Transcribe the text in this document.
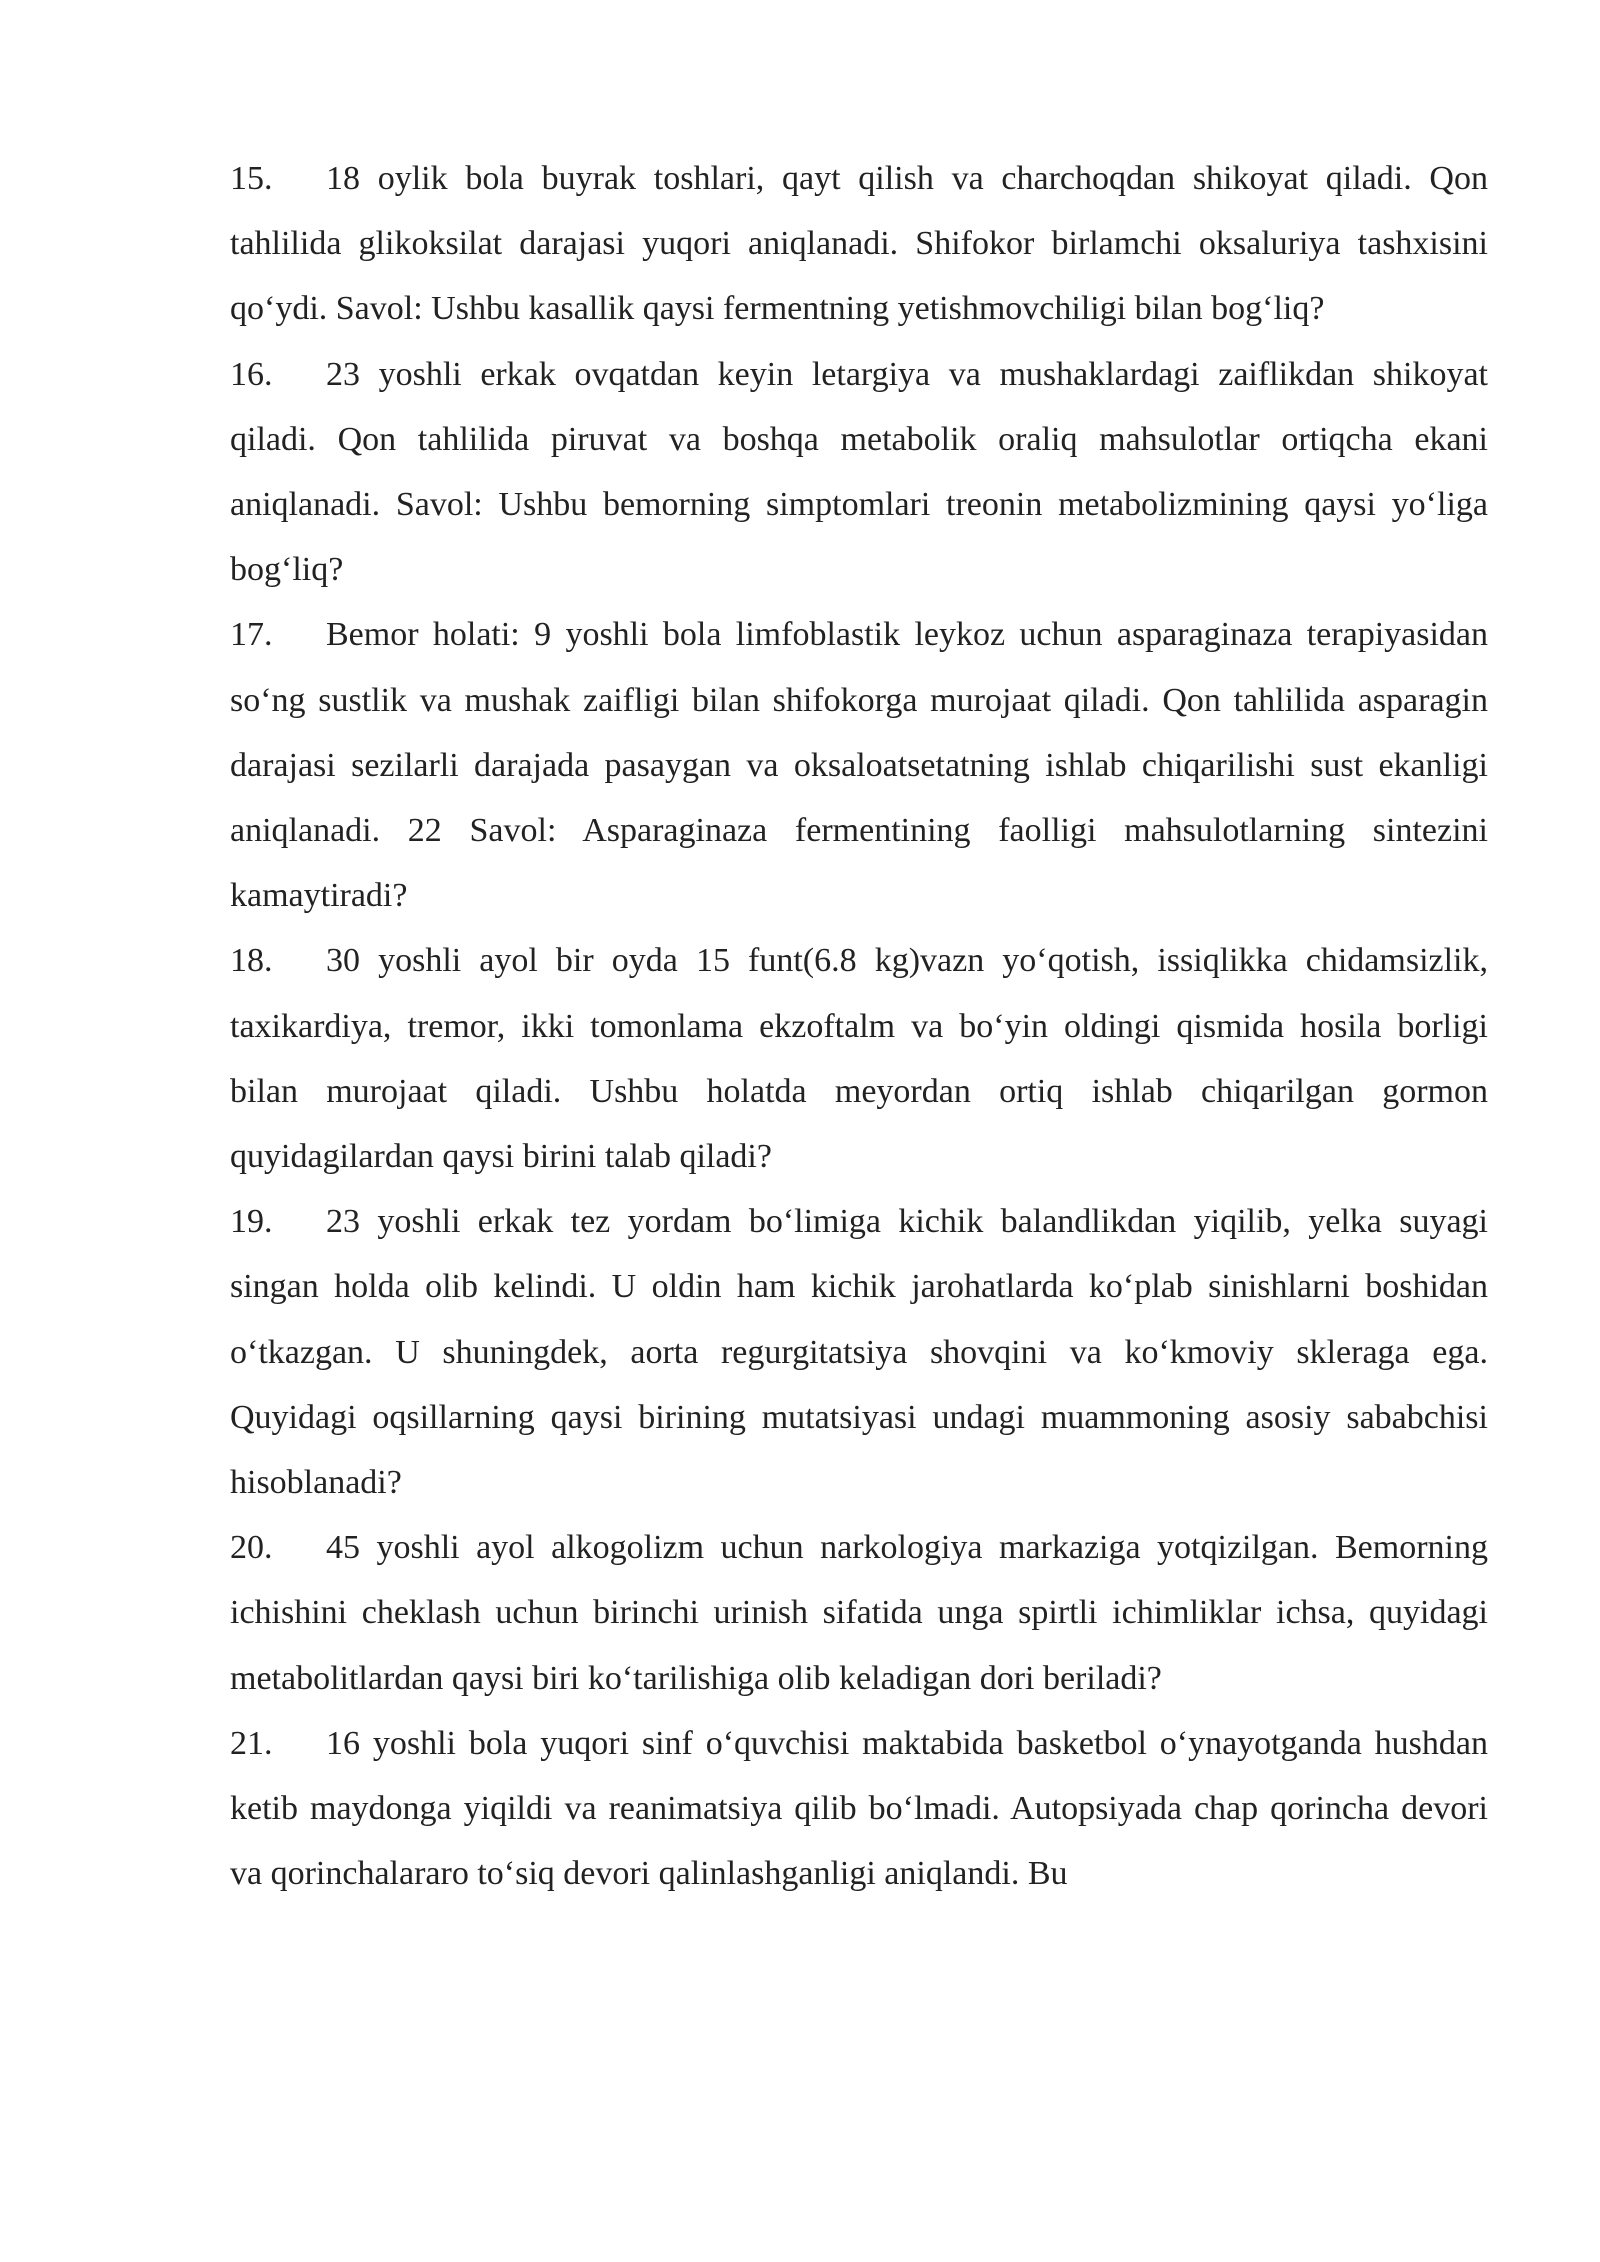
15. 18 oylik bola buyrak toshlari, qayt qilish va charchoqdan shikoyat qiladi. Qon tahlilida glikoksilat darajasi yuqori aniqlanadi. Shifokor birlamchi oksaluriya tashxisini qo‘ydi. Savol: Ushbu kasallik qaysi fermentning yetishmovchiligi bilan bog‘liq?

16. 23 yoshli erkak ovqatdan keyin letargiya va mushaklardagi zaiflikdan shikoyat qiladi. Qon tahlilida piruvat va boshqa metabolik oraliq mahsulotlar ortiqcha ekani aniqlanadi. Savol: Ushbu bemorning simptomlari treonin metabolizmining qaysi yo‘liga bog‘liq?

17. Bemor holati: 9 yoshli bola limfoblastik leykoz uchun asparaginaza terapiyasidan so‘ng sustlik va mushak zaifligi bilan shifokorga murojaat qiladi. Qon tahlilida asparagin darajasi sezilarli darajada pasaygan va oksaloatsetatning ishlab chiqarilishi sust ekanligi aniqlanadi. 22 Savol: Asparaginaza fermentining faolligi mahsulotlarning sintezini kamaytiradi?

18. 30 yoshli ayol bir oyda 15 funt(6.8 kg)vazn yo‘qotish, issiqlikka chidamsizlik, taxikardiya, tremor, ikki tomonlama ekzoftalm va bo‘yin oldingi qismida hosila borligi bilan murojaat qiladi. Ushbu holatda meyordan ortiq ishlab chiqarilgan gormon quyidagilardan qaysi birini talab qiladi?

19. 23 yoshli erkak tez yordam bo‘limiga kichik balandlikdan yiqilib, yelka suyagi singan holda olib kelindi. U oldin ham kichik jarohatlarda ko‘plab sinishlarni boshidan o‘tkazgan. U shuningdek, aorta regurgitatsiya shovqini va ko‘kmoviy skleraga ega. Quyidagi oqsillarning qaysi birining mutatsiyasi undagi muammoning asosiy sababchisi hisoblanadi?

20. 45 yoshli ayol alkogolizm uchun narkologiya markaziga yotqizilgan. Bemorning ichishini cheklash uchun birinchi urinish sifatida unga spirtli ichimliklar ichsa, quyidagi metabolitlardan qaysi biri ko‘tarilishiga olib keladigan dori beriladi?

21. 16 yoshli bola yuqori sinf o‘quvchisi maktabida basketbol o‘ynayotganda hushdan ketib maydonga yiqildi va reanimatsiya qilib bo‘lmadi. Autopsiyada chap qorincha devori va qorinchalararo to‘siq devori qalinlashganligi aniqlandi. Bu
